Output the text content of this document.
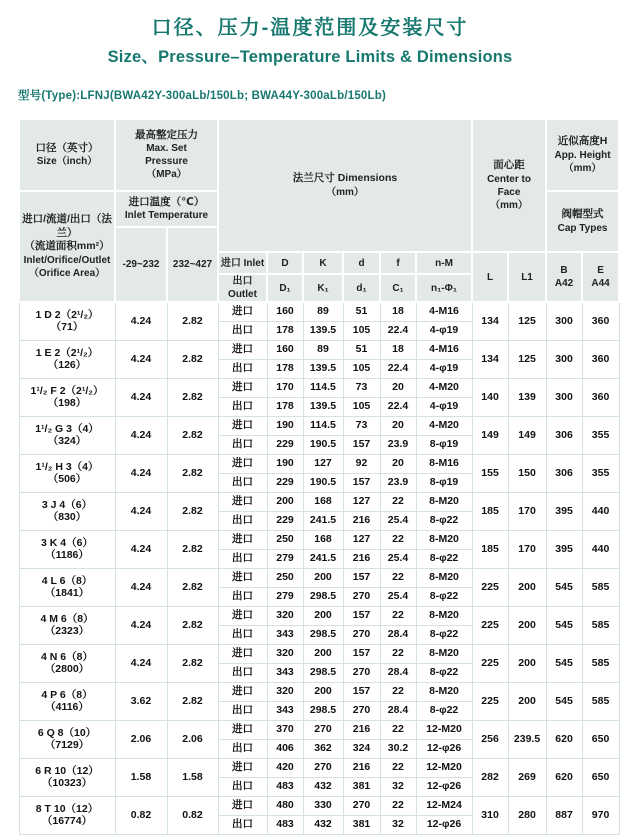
口径、压力-温度范围及安装尺寸
Size、Pressure–Temperature Limits & Dimensions
型号(Type):LFNJ(BWA42Y-300aLb/150Lb; BWA44Y-300aLb/150Lb)
口径（英寸）
Size（inch）	最高整定压力
Max. Set
Pressure
（MPa）		法兰尺寸 Dimensions
（mm）						面心距
Center to
Face
（mm）		近似高度H
App. Height
（mm）	

进口/流道/出口（法兰）
（流道面积mm²）
Inlet/Orifice/Outlet
（Orifice Area）	进口温度（℃）
Inlet Temperature										阀帽型式
Cap Types	

	-29~232	232~427										
			进口 Inlet	D	K	d	f	n-M	L	L1	B
A42	E
A44

			出口 Outlet	D₁	K₁	d₁	C₁	n₁-Φ₁				

1 D 2（2¹/₂）
（71）	4.24	2.82	进口	160	89	51	18	4-M16	134	125	300	360
			出口	178	139.5	105	22.4	4-φ19				

1 E 2（2¹/₂）
（126）	4.24	2.82	进口	160	89	51	18	4-M16	134	125	300	360
			出口	178	139.5	105	22.4	4-φ19				

1¹/₂ F 2（2¹/₂）
（198）	4.24	2.82	进口	170	114.5	73	20	4-M20	140	139	300	360
			出口	178	139.5	105	22.4	4-φ19				

1¹/₂ G 3（4）
（324）	4.24	2.82	进口	190	114.5	73	20	4-M20	149	149	306	355
			出口	229	190.5	157	23.9	8-φ19				

1¹/₂ H 3（4）
（506）	4.24	2.82	进口	190	127	92	20	8-M16	155	150	306	355
			出口	229	190.5	157	23.9	8-φ19				

3 J 4（6）
（830）	4.24	2.82	进口	200	168	127	22	8-M20	185	170	395	440
			出口	229	241.5	216	25.4	8-φ22				

3 K 4（6）
（1186）	4.24	2.82	进口	250	168	127	22	8-M20	185	170	395	440
			出口	279	241.5	216	25.4	8-φ22				

4 L 6（8）
（1841）	4.24	2.82	进口	250	200	157	22	8-M20	225	200	545	585
			出口	279	298.5	270	25.4	8-φ22				

4 M 6（8）
（2323）	4.24	2.82	进口	320	200	157	22	8-M20	225	200	545	585
			出口	343	298.5	270	28.4	8-φ22				

4 N 6（8）
（2800）	4.24	2.82	进口	320	200	157	22	8-M20	225	200	545	585
			出口	343	298.5	270	28.4	8-φ22				

4 P 6（8）
（4116）	3.62	2.82	进口	320	200	157	22	8-M20	225	200	545	585
			出口	343	298.5	270	28.4	8-φ22				

6 Q 8（10）
（7129）	2.06	2.06	进口	370	270	216	22	12-M20	256	239.5	620	650
			出口	406	362	324	30.2	12-φ26				

6 R 10（12）
（10323）	1.58	1.58	进口	420	270	216	22	12-M20	282	269	620	650
			出口	483	432	381	32	12-φ26				

8 T 10（12）
（16774）	0.82	0.82	进口	480	330	270	22	12-M24	310	280	887	970
			出口	483	432	381	32	12-φ26				
